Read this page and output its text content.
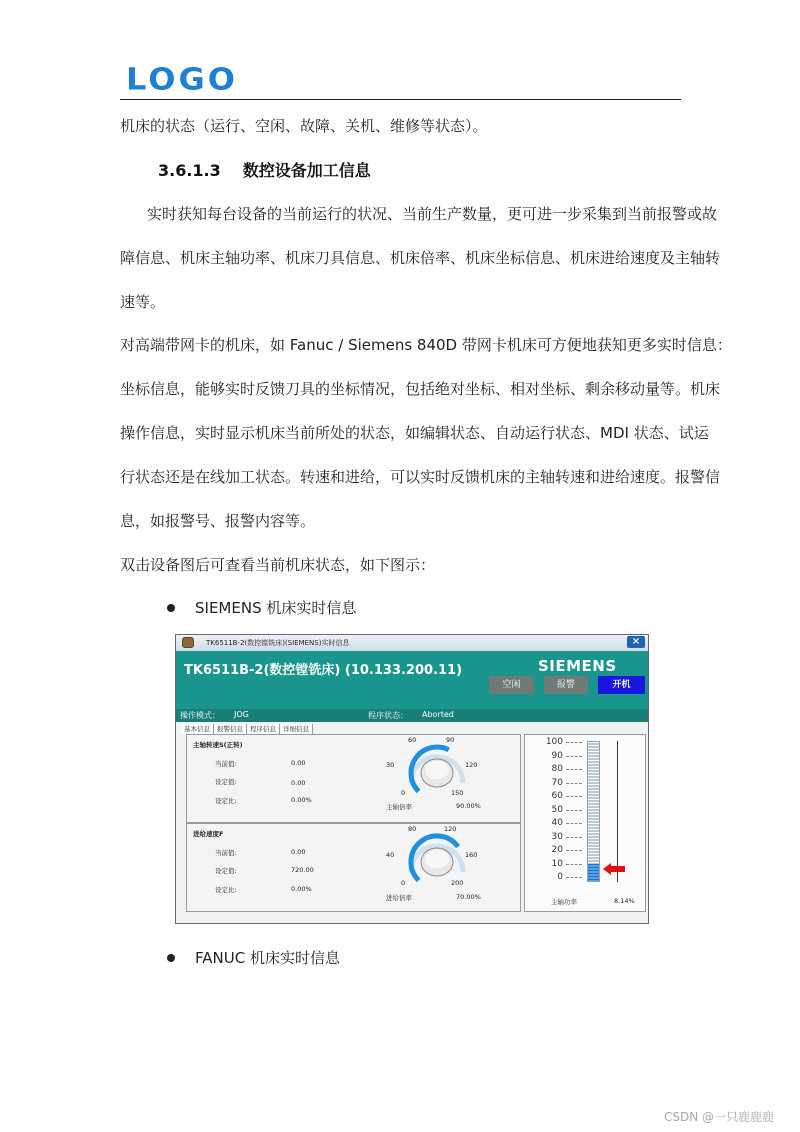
LOGO
机床的状态（运行、空闲、故障、关机、维修等状态）。
3.6.1.3 数控设备加工信息
实时获知每台设备的当前运行的状况、当前生产数量，更可进一步采集到当前报警或故
障信息、机床主轴功率、机床刀具信息、机床倍率、机床坐标信息、机床进给速度及主轴转
速等。
对高端带网卡的机床，如 Fanuc / Siemens 840D 带网卡机床可方便地获知更多实时信息：
坐标信息，能够实时反馈刀具的坐标情况，包括绝对坐标、相对坐标、剩余移动量等。机床
操作信息，实时显示机床当前所处的状态，如编辑状态、自动运行状态、MDI 状态、试运
行状态还是在线加工状态。转速和进给，可以实时反馈机床的主轴转速和进给速度。报警信
息，如报警号、报警内容等。
双击设备图后可查看当前机床状态，如下图示：
SIEMENS 机床实时信息
TK6511B-2(数控镗铣床)(SIEMENS)实时信息	×
TK6511B-2(数控镗铣床) (10.133.200.11)	SIEMENS
空闲	报警	开机
操作模式： JOG	程序状态： Aborted
基本信息 报警信息 程序信息 详细信息
主轴转速S(正转)
当前值:	0.00
设定值:	0.00
设定比:	0.00%
60	90
30	120
0	150
主轴倍率	90.00%
进给速度F
当前值:	0.00
设定值:	720.00
设定比:	0.00%
80	120
40	160
0	200
进给倍率	70.00%
100
90
80
70
60
50
40
30
20
10
0
主轴功率	8.14%
FANUC 机床实时信息
CSDN @一只鹿鹿鹿
